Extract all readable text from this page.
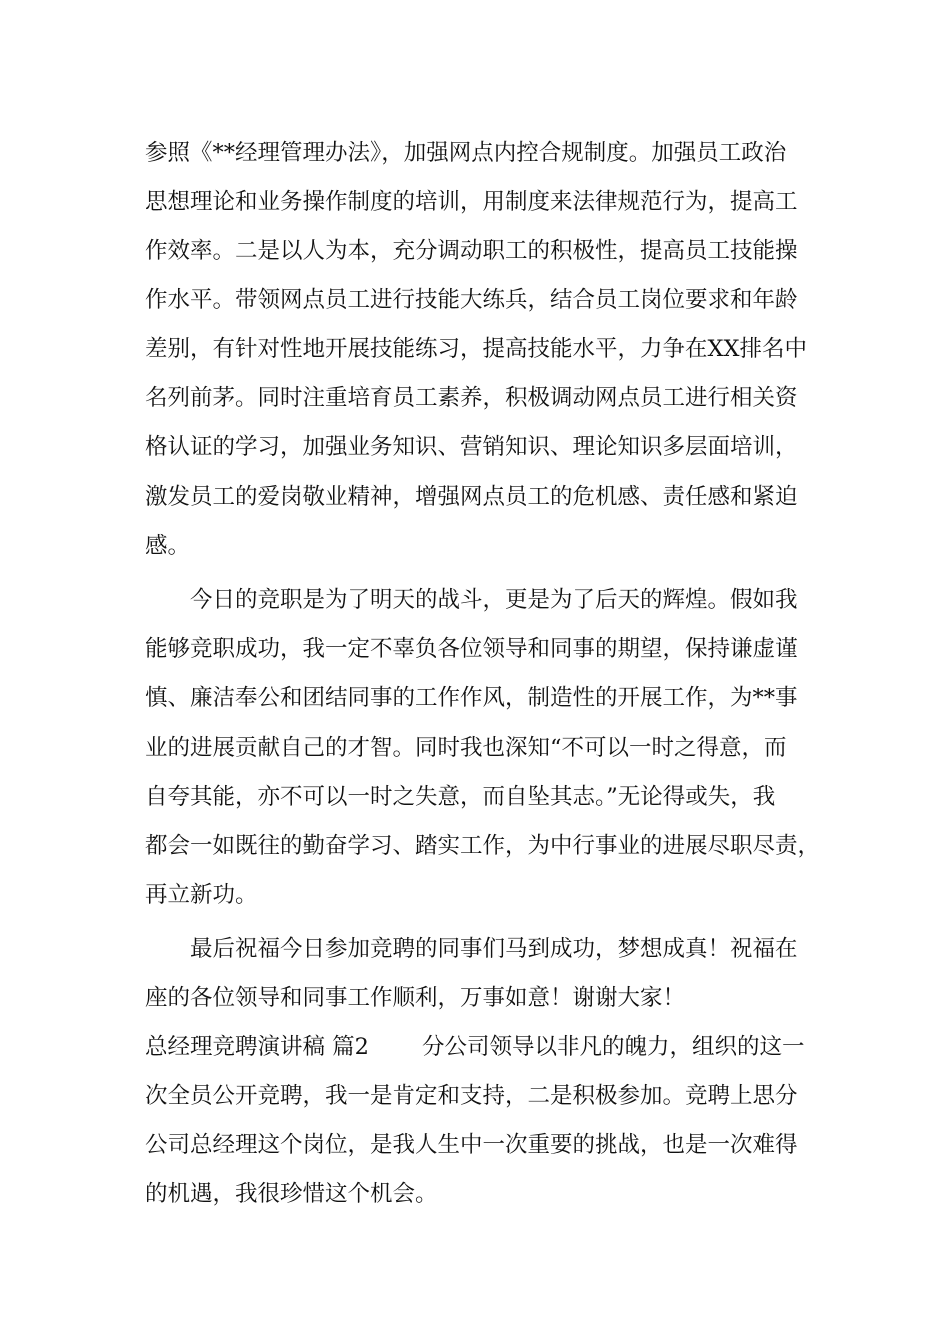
参照《**经理管理办法》，加强网点内控合规制度。加强员工政治
思想理论和业务操作制度的培训，用制度来法律规范行为，提高工
作效率。二是以人为本，充分调动职工的积极性，提高员工技能操
作水平。带领网点员工进行技能大练兵，结合员工岗位要求和年龄
差别，有针对性地开展技能练习，提高技能水平，力争在XX排名中
名列前茅。同时注重培育员工素养，积极调动网点员工进行相关资
格认证的学习，加强业务知识、营销知识、理论知识多层面培训，
激发员工的爱岗敬业精神，增强网点员工的危机感、责任感和紧迫
感。
今日的竞职是为了明天的战斗，更是为了后天的辉煌。假如我
能够竞职成功，我一定不辜负各位领导和同事的期望，保持谦虚谨
慎、廉洁奉公和团结同事的工作作风，制造性的开展工作，为**事
业的进展贡献自己的才智。同时我也深知“不可以一时之得意，而
自夸其能，亦不可以一时之失意，而自坠其志。”无论得或失，我
都会一如既往的勤奋学习、踏实工作，为中行事业的进展尽职尽责，
再立新功。
最后祝福今日参加竞聘的同事们马到成功，梦想成真！祝福在
座的各位领导和同事工作顺利，万事如意！谢谢大家！
总经理竞聘演讲稿 篇2 分公司领导以非凡的魄力，组织的这一
次全员公开竞聘，我一是肯定和支持，二是积极参加。竞聘上思分
公司总经理这个岗位，是我人生中一次重要的挑战，也是一次难得
的机遇，我很珍惜这个机会。
